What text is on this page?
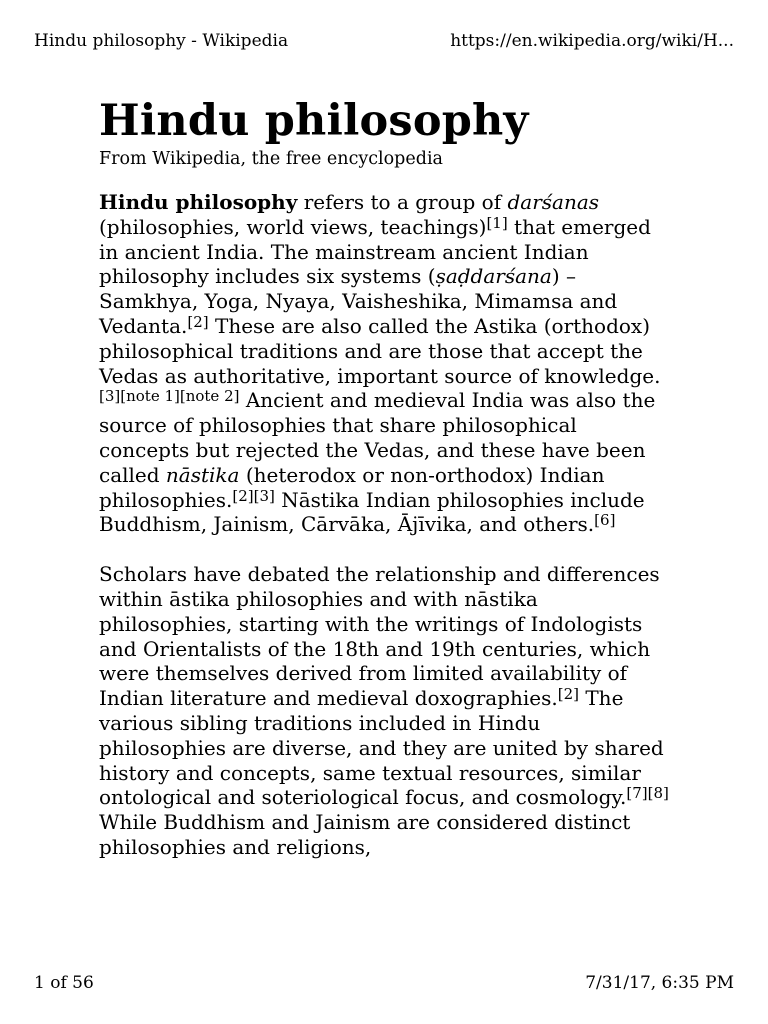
Hindu philosophy - Wikipedia	https://en.wikipedia.org/wiki/H...
Hindu philosophy
From Wikipedia, the free encyclopedia

Hindu philosophy refers to a group of darśanas (philosophies, world views, teachings)[1] that emerged in ancient India. The mainstream ancient Indian philosophy includes six systems (ṣaḍdarśana) – Samkhya, Yoga, Nyaya, Vaisheshika, Mimamsa and Vedanta.[2] These are also called the Astika (orthodox) philosophical traditions and are those that accept the Vedas as authoritative, important source of knowledge.[3][note 1][note 2] Ancient and medieval India was also the source of philosophies that share philosophical concepts but rejected the Vedas, and these have been called nāstika (heterodox or non-orthodox) Indian philosophies.[2][3] Nāstika Indian philosophies include Buddhism, Jainism, Cārvāka, Ājīvika, and others.[6]

Scholars have debated the relationship and differences within āstika philosophies and with nāstika philosophies, starting with the writings of Indologists and Orientalists of the 18th and 19th centuries, which were themselves derived from limited availability of Indian literature and medieval doxographies.[2] The various sibling traditions included in Hindu philosophies are diverse, and they are united by shared history and concepts, same textual resources, similar ontological and soteriological focus, and cosmology.[7][8] While Buddhism and Jainism are considered distinct philosophies and religions,

1 of 56	7/31/17, 6:35 PM
